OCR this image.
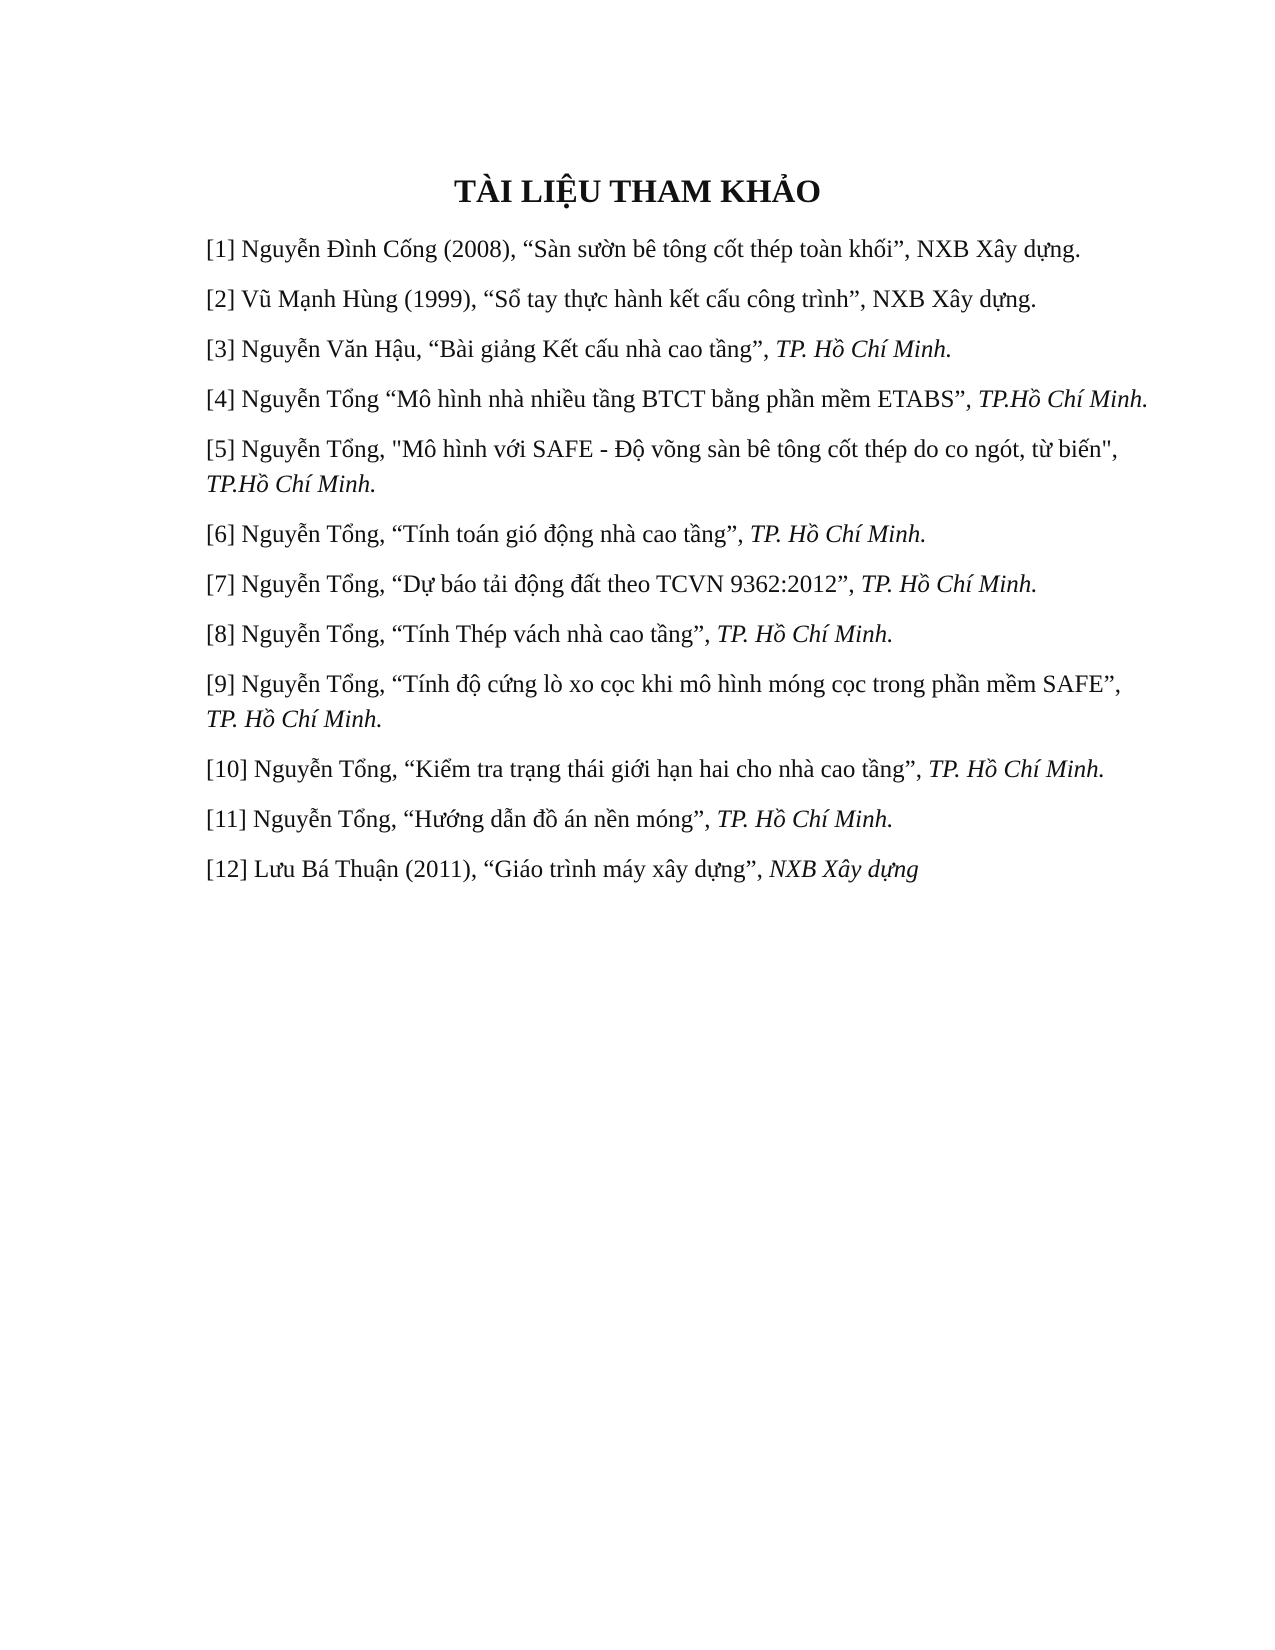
TÀI LIỆU THAM KHẢO
[1] Nguyễn Đình Cống (2008), “Sàn sườn bê tông cốt thép toàn khối”, NXB Xây dựng.
[2] Vũ Mạnh Hùng (1999), “Sổ tay thực hành kết cấu công trình”, NXB Xây dựng.
[3] Nguyễn Văn Hậu, “Bài giảng Kết cấu nhà cao tầng”, TP. Hồ Chí Minh.
[4] Nguyễn Tổng “Mô hình nhà nhiều tầng BTCT bằng phần mềm ETABS”, TP.Hồ Chí Minh.
[5] Nguyễn Tổng, "Mô hình với SAFE - Độ võng sàn bê tông cốt thép do co ngót, từ biến", TP.Hồ Chí Minh.
[6] Nguyễn Tổng, “Tính toán gió động nhà cao tầng”, TP. Hồ Chí Minh.
[7] Nguyễn Tổng, “Dự báo tải động đất theo TCVN 9362:2012”, TP. Hồ Chí Minh.
[8] Nguyễn Tổng, “Tính Thép vách nhà cao tầng”, TP. Hồ Chí Minh.
[9] Nguyễn Tổng, “Tính độ cứng lò xo cọc khi mô hình móng cọc trong phần mềm SAFE”, TP. Hồ Chí Minh.
[10] Nguyễn Tổng, “Kiểm tra trạng thái giới hạn hai cho nhà cao tầng”, TP. Hồ Chí Minh.
[11] Nguyễn Tổng, “Hướng dẫn đồ án nền móng”, TP. Hồ Chí Minh.
[12] Lưu Bá Thuận (2011), “Giáo trình máy xây dựng”, NXB Xây dựng
